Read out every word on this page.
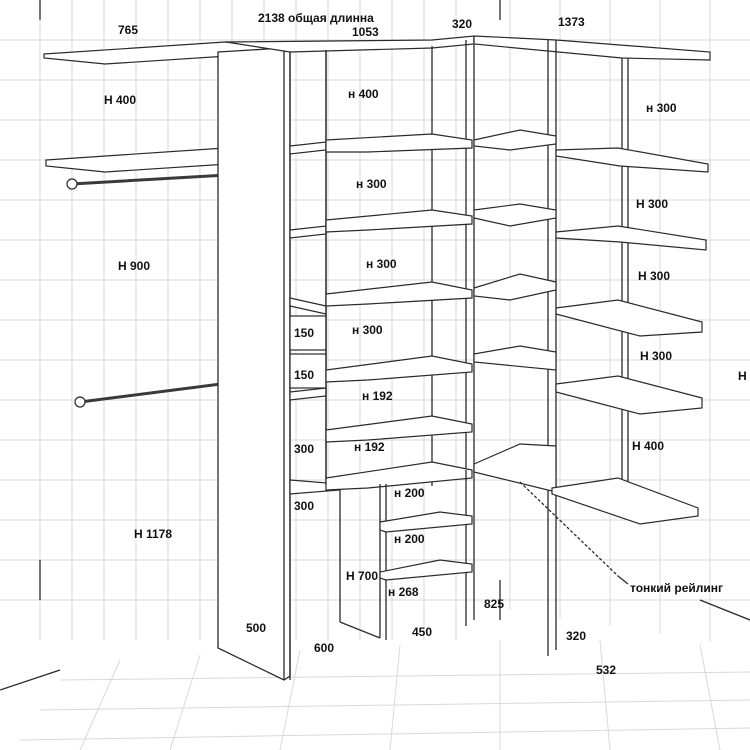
765
2138 общая длинна
1053
320	1373
H 400
H 900
H 1178
500
150
150
300
300
600
н 400
н 300
н 300
н 300
н 192
н 192
Н 700
н 200
н 200
н 268
450
н 300
Н 300
Н 300
Н 300
Н 400
Н
825
320
532
тонкий рейлинг
